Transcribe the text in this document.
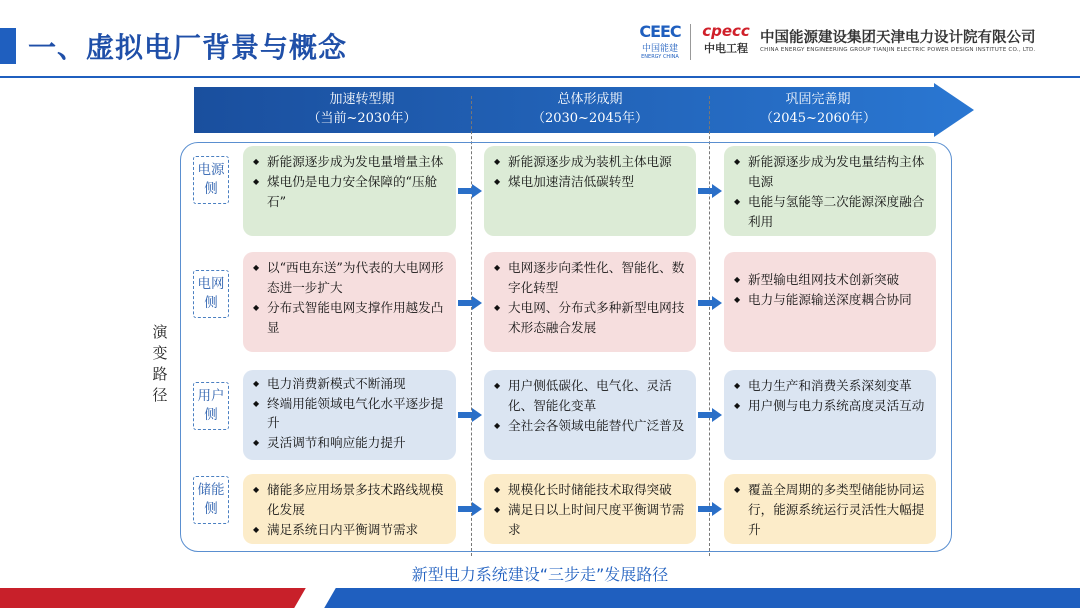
一、虚拟电厂背景与概念	CEEC
中国能建
ENERGY CHINA
cpecc
中电工程
中国能源建设集团天津电力设计院有限公司
CHINA ENERGY ENGINEERING GROUP TIANJIN ELECTRIC POWER DESIGN INSTITUTE CO., LTD.
加速转型期
（当前~2030年）
总体形成期
（2030~2045年）
巩固完善期
（2045~2060年）
演变路径
电源侧
◆ 新能源逐步成为发电量增量主体
◆ 煤电仍是电力安全保障的“压舱石”
◆ 新能源逐步成为装机主体电源
◆ 煤电加速清洁低碳转型
◆ 新能源逐步成为发电量结构主体电源
◆ 电能与氢能等二次能源深度融合利用
电网侧
◆ 以“西电东送”为代表的大电网形态进一步扩大
◆ 分布式智能电网支撑作用越发凸显
◆ 电网逐步向柔性化、智能化、数字化转型
◆ 大电网、分布式多种新型电网技术形态融合发展
◆ 新型输电组网技术创新突破
◆ 电力与能源输送深度耦合协同
用户侧
◆ 电力消费新模式不断涌现
◆ 终端用能领域电气化水平逐步提升
◆ 灵活调节和响应能力提升
◆ 用户侧低碳化、电气化、灵活化、智能化变革
◆ 全社会各领域电能替代广泛普及
◆ 电力生产和消费关系深刻变革
◆ 用户侧与电力系统高度灵活互动
储能侧
◆ 储能多应用场景多技术路线规模化发展
◆ 满足系统日内平衡调节需求
◆ 规模化长时储能技术取得突破
◆ 满足日以上时间尺度平衡调节需求
◆ 覆盖全周期的多类型储能协同运行，能源系统运行灵活性大幅提升
新型电力系统建设“三步走”发展路径
